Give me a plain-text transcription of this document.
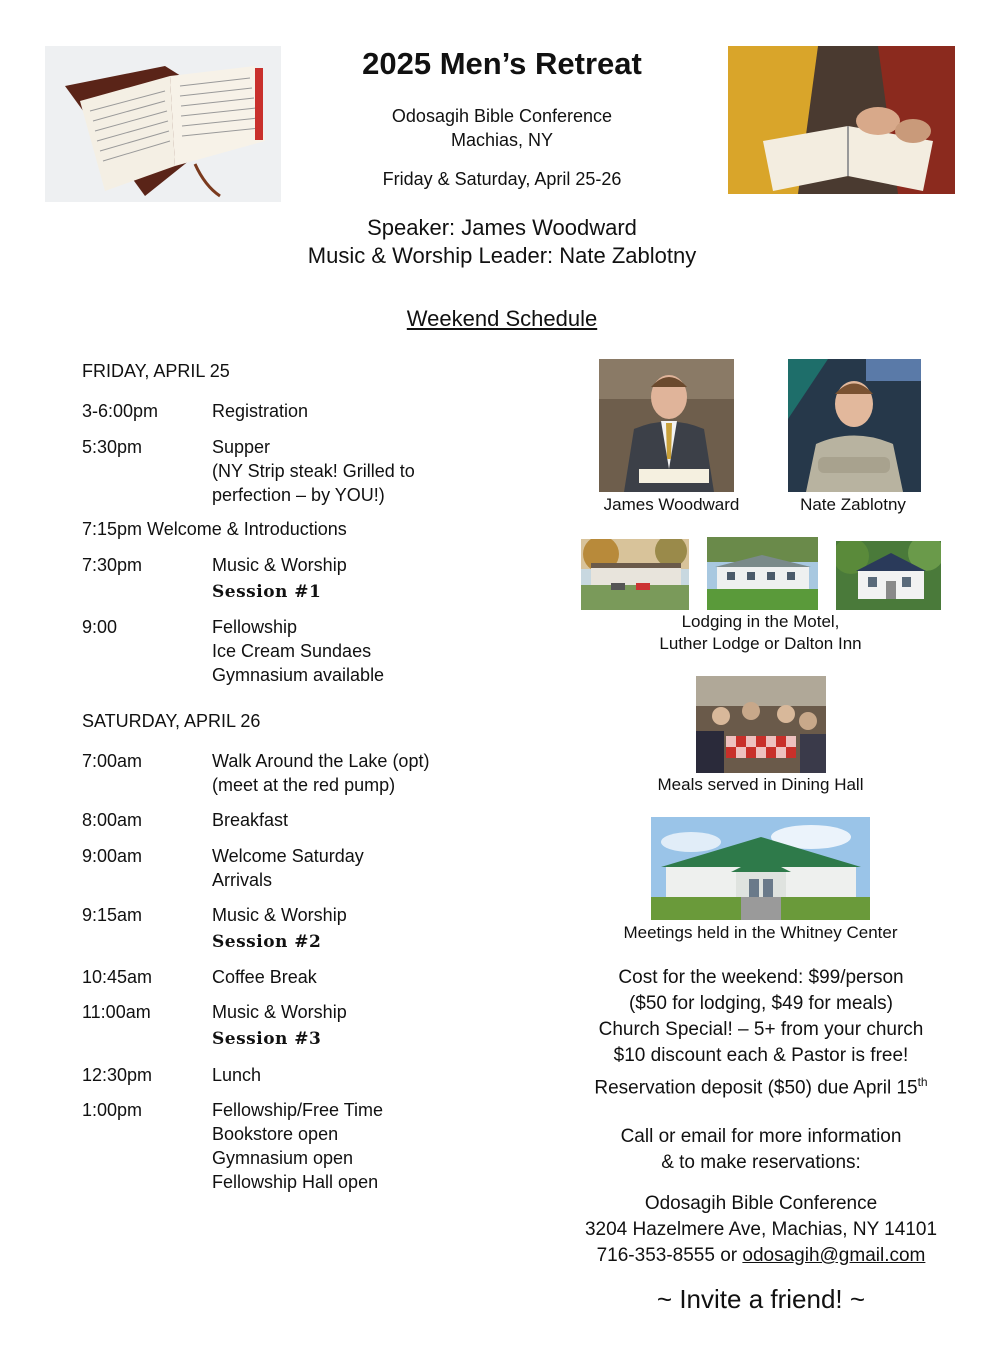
2025 Men’s Retreat
Odosagih Bible Conference
Machias, NY
Friday & Saturday, April 25-26
Speaker: James Woodward
Music & Worship Leader: Nate Zablotny
Weekend Schedule
FRIDAY, APRIL 25
3-6:00pm	Registration
5:30pm	Supper
(NY Strip steak! Grilled to
perfection – by YOU!)
7:15pm Welcome & Introductions
7:30pm	Music & Worship
Session #1
9:00	Fellowship
Ice Cream Sundaes
Gymnasium available
SATURDAY, APRIL 26
7:00am	Walk Around the Lake (opt)
(meet at the red pump)
8:00am	Breakfast
9:00am	Welcome Saturday
Arrivals
9:15am	Music & Worship
Session #2
10:45am	Coffee Break
11:00am	Music & Worship
Session #3
12:30pm	Lunch
1:00pm	Fellowship/Free Time
Bookstore open
Gymnasium open
Fellowship Hall open
James Woodward	Nate Zablotny
Lodging in the Motel,
Luther Lodge or Dalton Inn
Meals served in Dining Hall
Meetings held in the Whitney Center
Cost for the weekend: $99/person
($50 for lodging, $49 for meals)
Church Special! – 5+ from your church
$10 discount each & Pastor is free!
Reservation deposit ($50) due April 15th
Call or email for more information
& to make reservations:
Odosagih Bible Conference
3204 Hazelmere Ave, Machias, NY 14101
716-353-8555 or odosagih@gmail.com
~ Invite a friend! ~
